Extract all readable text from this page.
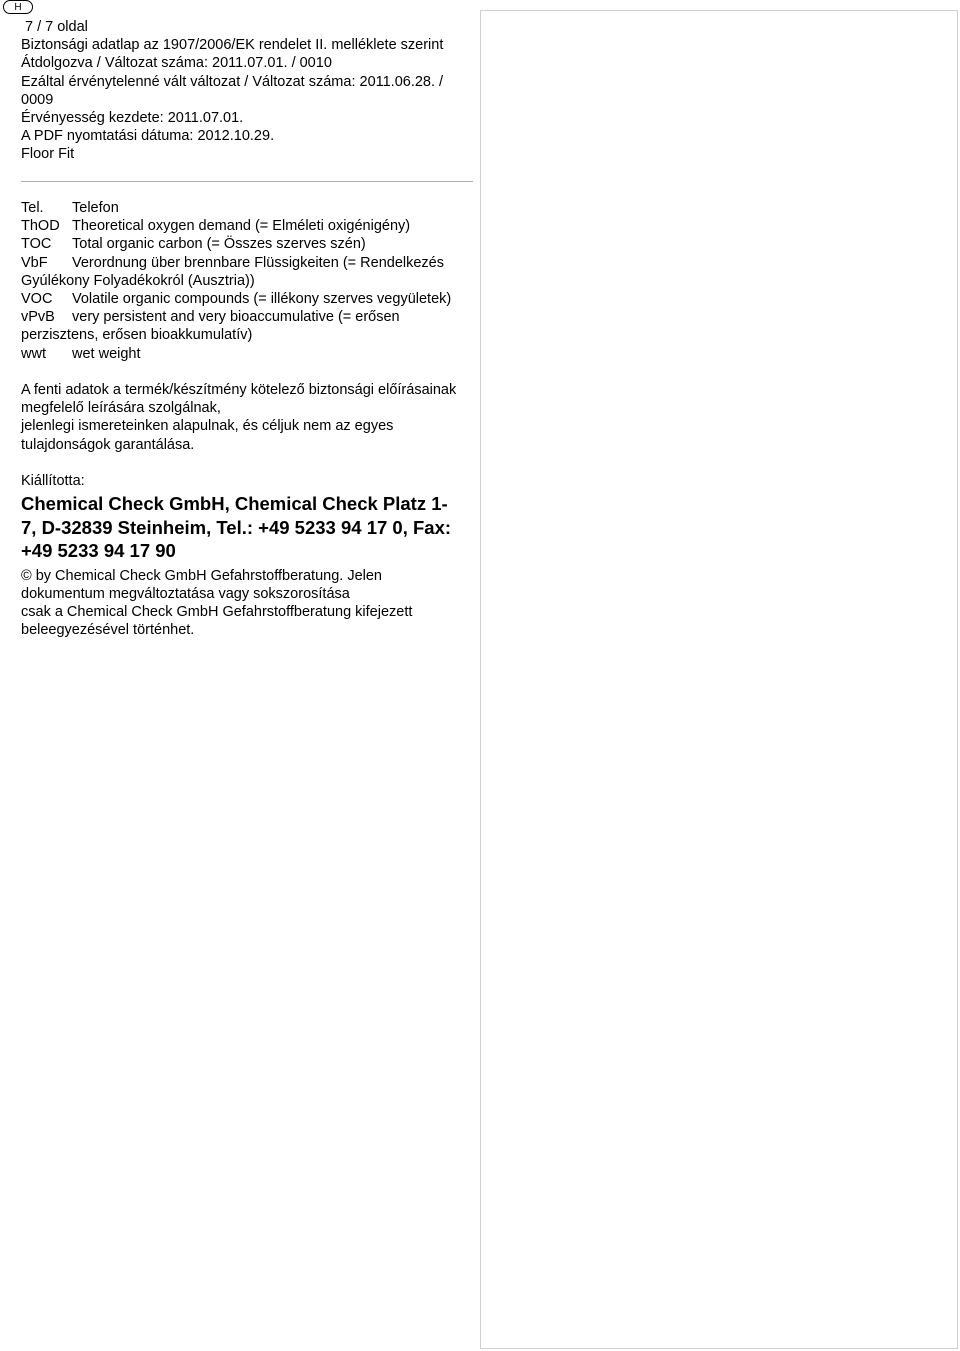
H
7 / 7 oldal
Biztonsági adatlap az 1907/2006/EK rendelet II. melléklete szerint
Átdolgozva / Változat száma: 2011.07.01. / 0010
Ezáltal érvénytelenné vált változat / Változat száma: 2011.06.28. / 0009
Érvényesség kezdete: 2011.07.01.
A PDF nyomtatási dátuma: 2012.10.29.
Floor Fit
Tel. Telefon
ThOD Theoretical oxygen demand (= Elméleti oxigénigény)
TOC Total organic carbon (= Összes szerves szén)
VbF Verordnung über brennbare Flüssigkeiten (= Rendelkezés Gyúlékony Folyadékokról (Ausztria))
VOC Volatile organic compounds (= illékony szerves vegyületek)
vPvB very persistent and very bioaccumulative (= erősen perzisztens, erősen bioakkumulatív)
wwt wet weight
A fenti adatok a termék/készítmény kötelező biztonsági előírásainak megfelelő leírására szolgálnak,
jelenlegi ismereteinken alapulnak, és céljuk nem az egyes tulajdonságok garantálása.
Kiállította:
Chemical Check GmbH, Chemical Check Platz 1-7, D-32839 Steinheim, Tel.: +49 5233 94 17 0, Fax: +49 5233 94 17 90
© by Chemical Check GmbH Gefahrstoffberatung. Jelen dokumentum megváltoztatása vagy sokszorosítása
csak a Chemical Check GmbH Gefahrstoffberatung kifejezett beleegyezésével történhet.
